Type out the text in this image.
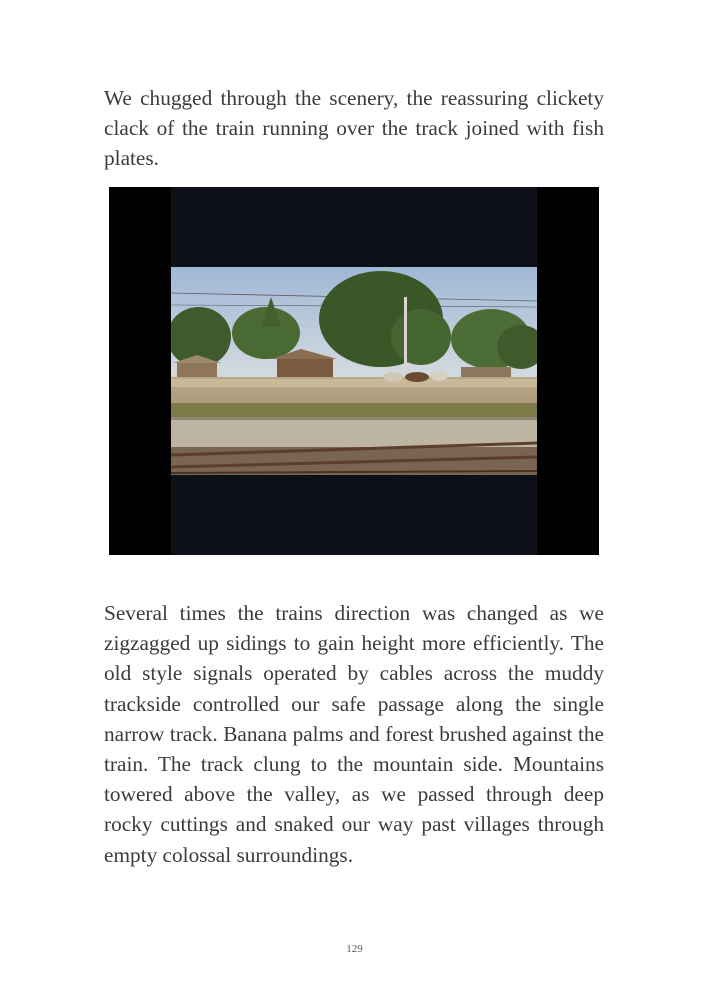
We chugged through the scenery, the reassuring clickety clack of the train running over the track joined with fish plates.

Several times the trains direction was changed as we zigzagged up sidings to gain height more efficiently. The old style signals operated by cables across the muddy trackside controlled our safe passage along the single narrow track. Banana palms and forest brushed against the train. The track clung to the mountain side. Mountains towered above the valley, as we passed through deep rocky cuttings and snaked our way past villages through empty colossal surroundings.

129
